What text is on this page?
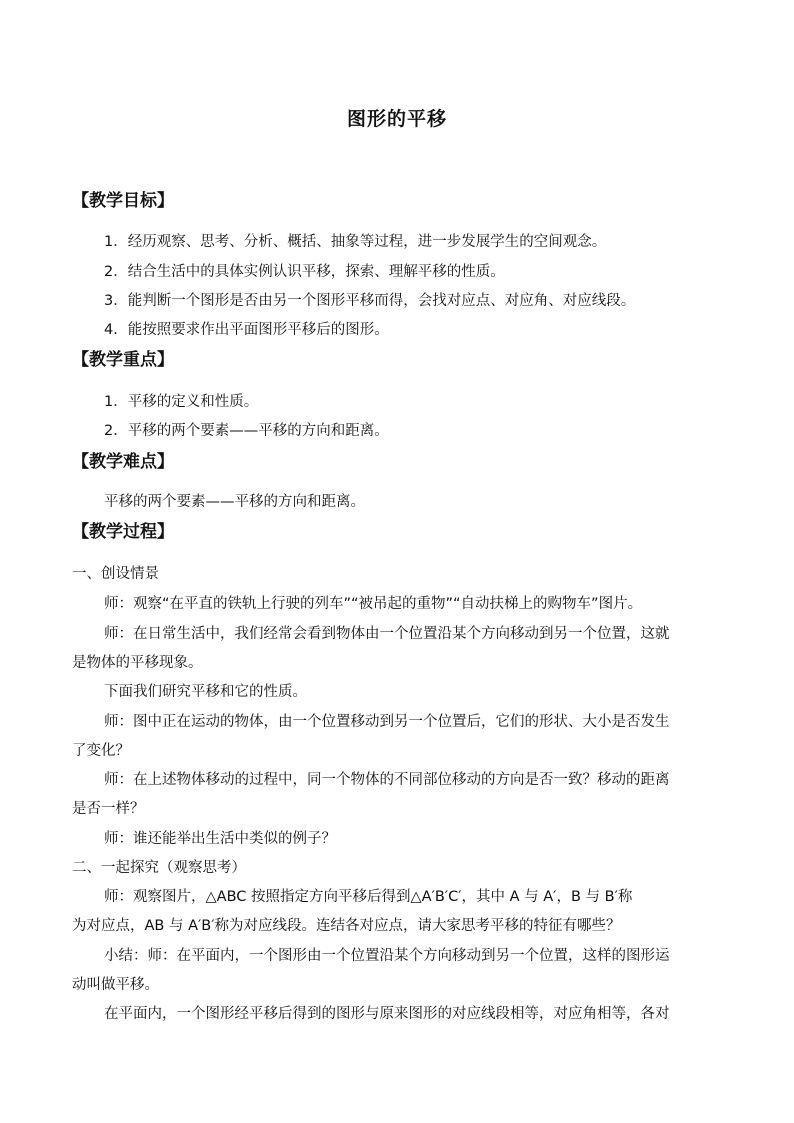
图形的平移
【教学目标】
1．经历观察、思考、分析、概括、抽象等过程，进一步发展学生的空间观念。
2．结合生活中的具体实例认识平移，探索、理解平移的性质。
3．能判断一个图形是否由另一个图形平移而得，会找对应点、对应角、对应线段。
4．能按照要求作出平面图形平移后的图形。
【教学重点】
1．平移的定义和性质。
2．平移的两个要素——平移的方向和距离。
【教学难点】
平移的两个要素——平移的方向和距离。
【教学过程】
一、创设情景
师：观察“在平直的铁轨上行驶的列车”“被吊起的重物”“自动扶梯上的购物车”图片。
师：在日常生活中，我们经常会看到物体由一个位置沿某个方向移动到另一个位置，这就
是物体的平移现象。
下面我们研究平移和它的性质。
师：图中正在运动的物体，由一个位置移动到另一个位置后，它们的形状、大小是否发生
了变化？
师：在上述物体移动的过程中，同一个物体的不同部位移动的方向是否一致？移动的距离
是否一样？
师：谁还能举出生活中类似的例子？
二、一起探究（观察思考）
师：观察图片，△ABC 按照指定方向平移后得到△A′B′C′，其中 A 与 A′，B 与 B′称
为对应点，AB 与 A′B′称为对应线段。连结各对应点，请大家思考平移的特征有哪些？
小结：师：在平面内，一个图形由一个位置沿某个方向移动到另一个位置，这样的图形运
动叫做平移。
在平面内，一个图形经平移后得到的图形与原来图形的对应线段相等，对应角相等，各对
